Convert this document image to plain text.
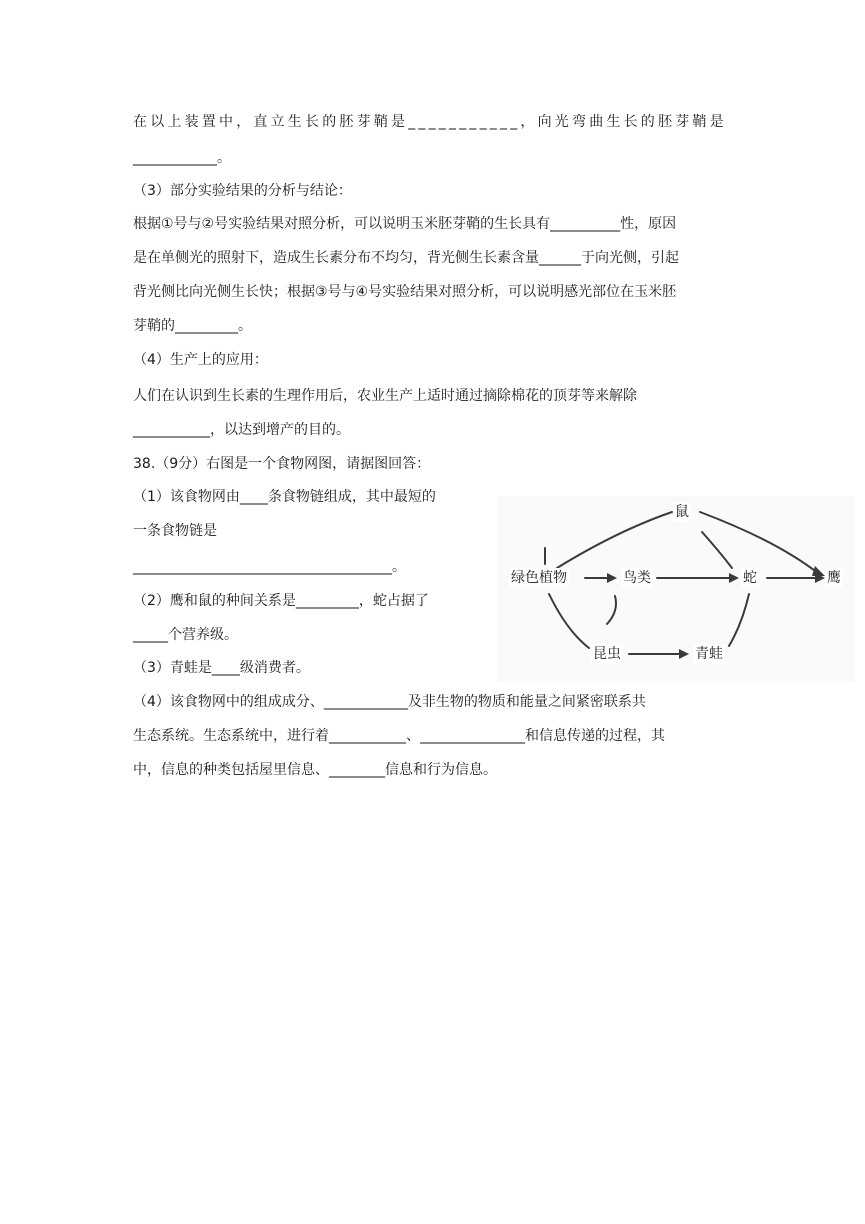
在以上装置中，直立生长的胚芽鞘是___________，向光弯曲生长的胚芽鞘是
____________。
（3）部分实验结果的分析与结论：
根据①号与②号实验结果对照分析，可以说明玉米胚芽鞘的生长具有__________性，原因
是在单侧光的照射下，造成生长素分布不均匀，背光侧生长素含量______于向光侧，引起
背光侧比向光侧生长快；根据③号与④号实验结果对照分析，可以说明感光部位在玉米胚
芽鞘的_________。
（4）生产上的应用：
人们在认识到生长素的生理作用后，农业生产上适时通过摘除棉花的顶芽等来解除
___________，以达到增产的目的。
38.（9分）右图是一个食物网图，请据图回答：
（1）该食物网由____条食物链组成，其中最短的
一条食物链是
_____________________________________。
（2）鹰和鼠的种间关系是_________，蛇占据了
_____个营养级。
（3）青蛙是____级消费者。
（4）该食物网中的组成成分、____________及非生物的物质和能量之间紧密联系共
生态系统。生态系统中，进行着___________、_______________和信息传递的过程，其
中，信息的种类包括屋里信息、________信息和行为信息。
鼠
绿色植物	鸟类	蛇	鹰
昆虫	青蛙
